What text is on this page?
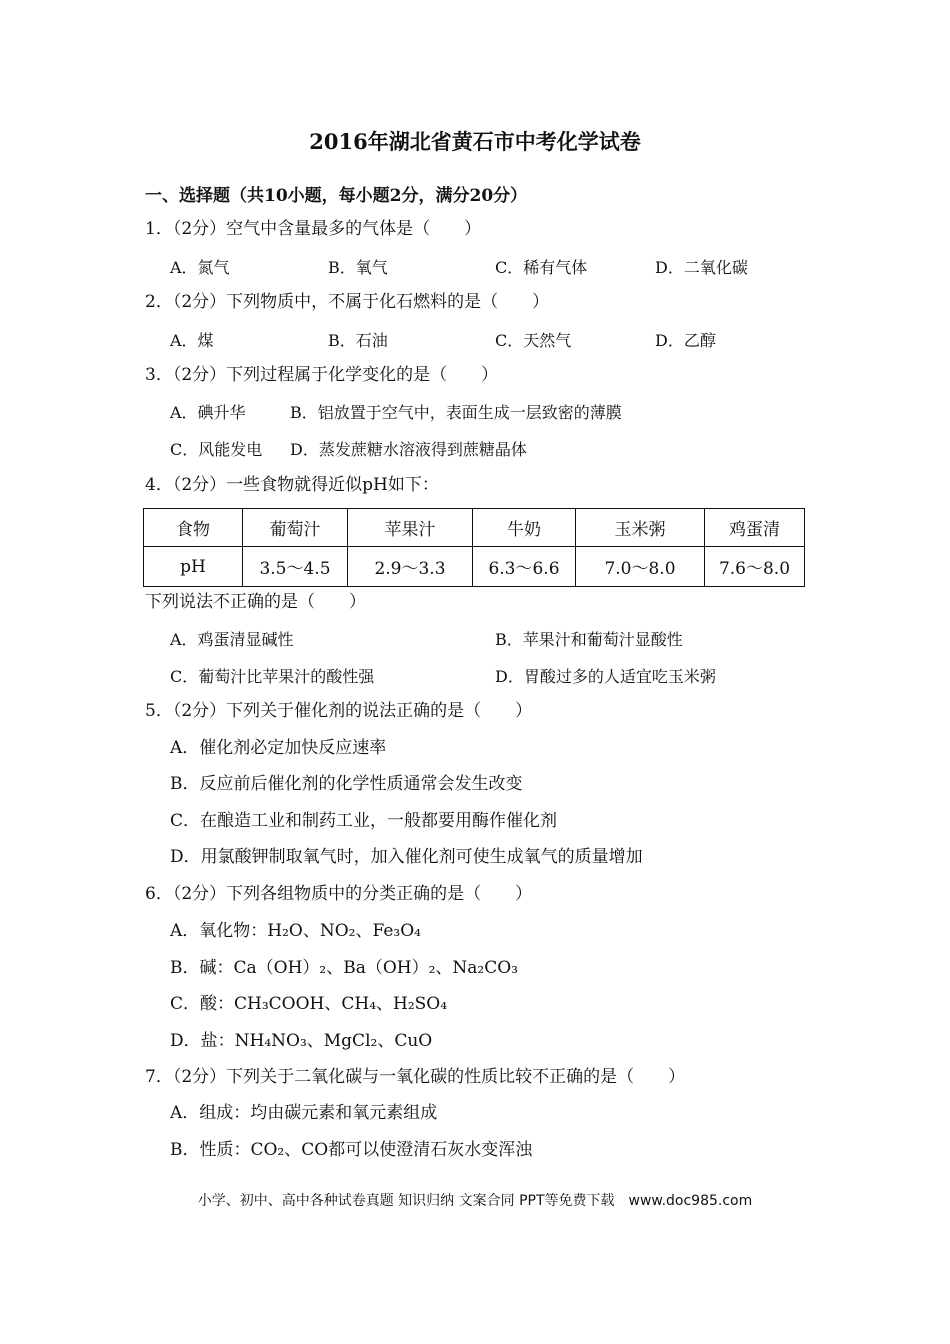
2016年湖北省黄石市中考化学试卷
一、选择题（共10小题，每小题2分，满分20分）
1．（2分）空气中含量最多的气体是（　　）
A．氮气	B．氧气	C．稀有气体	D．二氧化碳
2．（2分）下列物质中，不属于化石燃料的是（　　）
A．煤	B．石油	C．天然气	D．乙醇
3．（2分）下列过程属于化学变化的是（　　）
A．碘升华	B．铝放置于空气中，表面生成一层致密的薄膜
C．风能发电 D．蒸发蔗糖水溶液得到蔗糖晶体
4．（2分）一些食物就得近似pH如下：
食物	葡萄汁	苹果汁	牛奶	玉米粥	鸡蛋清
pH	3.5～4.5	2.9～3.3	6.3～6.6	7.0～8.0	7.6～8.0
下列说法不正确的是（　　）
A．鸡蛋清显碱性	B．苹果汁和葡萄汁显酸性
C．葡萄汁比苹果汁的酸性强	D．胃酸过多的人适宜吃玉米粥
5．（2分）下列关于催化剂的说法正确的是（　　）
A．催化剂必定加快反应速率
B．反应前后催化剂的化学性质通常会发生改变
C．在酿造工业和制药工业，一般都要用酶作催化剂
D．用氯酸钾制取氧气时，加入催化剂可使生成氧气的质量增加
6．（2分）下列各组物质中的分类正确的是（　　）
A．氧化物：H₂O、NO₂、Fe₃O₄
B．碱：Ca（OH）₂、Ba（OH）₂、Na₂CO₃
C．酸：CH₃COOH、CH₄、H₂SO₄
D．盐：NH₄NO₃、MgCl₂、CuO
7．（2分）下列关于二氧化碳与一氧化碳的性质比较不正确的是（　　）
A．组成：均由碳元素和氧元素组成
B．性质：CO₂、CO都可以使澄清石灰水变浑浊
小学、初中、高中各种试卷真题 知识归纳 文案合同 PPT等免费下载　www.doc985.com
